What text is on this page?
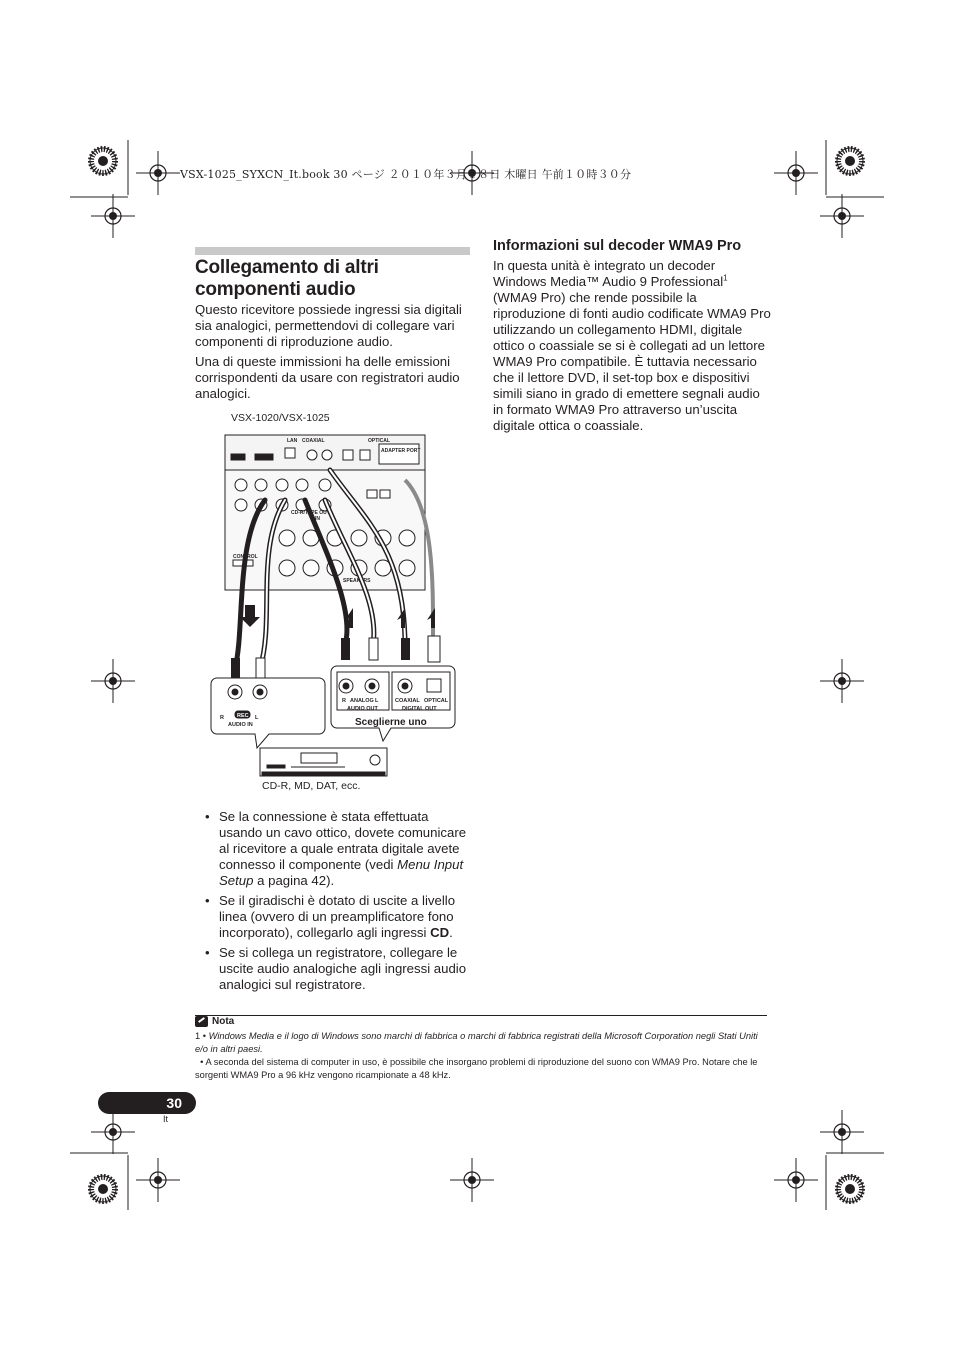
VSX-1025_SYXCN_It.book 30 ページ ２０１０年３月１８日 木曜日 午前１０時３０分
Collegamento di altri
componenti audio
Questo ricevitore possiede ingressi sia digitali sia analogici, permettendovi di collegare vari componenti di riproduzione audio.
Una di queste immissioni ha delle emissioni corrispondenti da usare con registratori audio analogici.
Informazioni sul decoder WMA9 Pro
In questa unità è integrato un decoder Windows Media™ Audio 9 Professional$^1$ (WMA9 Pro) che rende possibile la riproduzione di fonti audio codificate WMA9 Pro utilizzando un collegamento HDMI, digitale ottico o coassiale se si è collegati ad un lettore WMA9 Pro compatibile. È tuttavia necessario che il lettore DVD, il set-top box e dispositivi simili siano in grado di emettere segnali audio in formato WMA9 Pro attraverso un’uscita digitale ottica o coassiale.
VSX-1020/VSX-1025
LAN COAXIAL	OPTICAL
ADAPTER PORT
CONTROL
SPEAKERS
CD-R/TAPE OUT
IN
R REC L
AUDIO IN
R ANALOG L
AUDIO OUT
COAXIAL OPTICAL
DIGITAL OUT
Sceglierne uno
CD-R, MD, DAT, ecc.
• Se la connessione è stata effettuata usando un cavo ottico, dovete comunicare al ricevitore a quale entrata digitale avete connesso il componente (vedi Menu Input Setup a pagina 42).
• Se il giradischi è dotato di uscite a livello linea (ovvero di un preamplificatore fono incorporato), collegarlo agli ingressi CD.
• Se si collega un registratore, collegare le uscite audio analogiche agli ingressi audio analogici sul registratore.
Nota
1 • Windows Media e il logo di Windows sono marchi di fabbrica o marchi di fabbrica registrati della Microsoft Corporation negli Stati Uniti e/o in altri paesi.
• A seconda del sistema di computer in uso, è possibile che insorgano problemi di riproduzione del suono con WMA9 Pro. Notare che le sorgenti WMA9 Pro a 96 kHz vengono ricampionate a 48 kHz.
30
It
